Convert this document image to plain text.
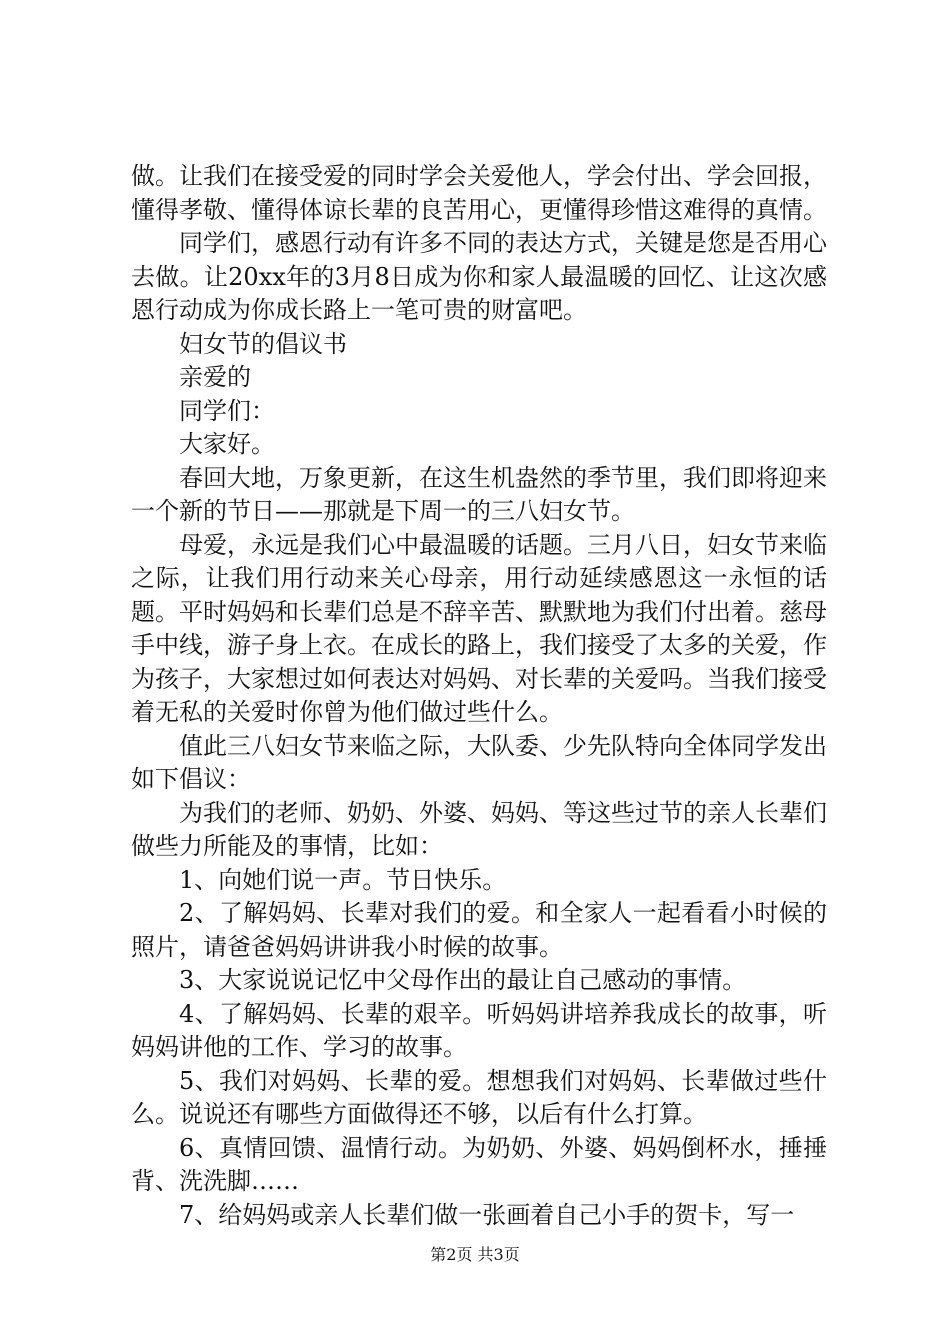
做。让我们在接受爱的同时学会关爱他人，学会付出、学会回报，懂得孝敬、懂得体谅长辈的良苦用心，更懂得珍惜这难得的真情。

同学们，感恩行动有许多不同的表达方式，关键是您是否用心去做。让20xx年的3月8日成为你和家人最温暖的回忆、让这次感恩行动成为你成长路上一笔可贵的财富吧。

妇女节的倡议书

亲爱的

同学们：

大家好。

春回大地，万象更新，在这生机盎然的季节里，我们即将迎来一个新的节日——那就是下周一的三八妇女节。

母爱，永远是我们心中最温暖的话题。三月八日，妇女节来临之际，让我们用行动来关心母亲，用行动延续感恩这一永恒的话题。平时妈妈和长辈们总是不辞辛苦、默默地为我们付出着。慈母手中线，游子身上衣。在成长的路上，我们接受了太多的关爱，作为孩子，大家想过如何表达对妈妈、对长辈的关爱吗。当我们接受着无私的关爱时你曾为他们做过些什么。

值此三八妇女节来临之际，大队委、少先队特向全体同学发出如下倡议：

为我们的老师、奶奶、外婆、妈妈、等这些过节的亲人长辈们做些力所能及的事情，比如：

1、向她们说一声。节日快乐。

2、了解妈妈、长辈对我们的爱。和全家人一起看看小时候的照片，请爸爸妈妈讲讲我小时候的故事。

3、大家说说记忆中父母作出的最让自己感动的事情。

4、了解妈妈、长辈的艰辛。听妈妈讲培养我成长的故事，听妈妈讲他的工作、学习的故事。

5、我们对妈妈、长辈的爱。想想我们对妈妈、长辈做过些什么。说说还有哪些方面做得还不够，以后有什么打算。

6、真情回馈、温情行动。为奶奶、外婆、妈妈倒杯水，捶捶背、洗洗脚……

7、给妈妈或亲人长辈们做一张画着自己小手的贺卡，写一

第2页 共3页
